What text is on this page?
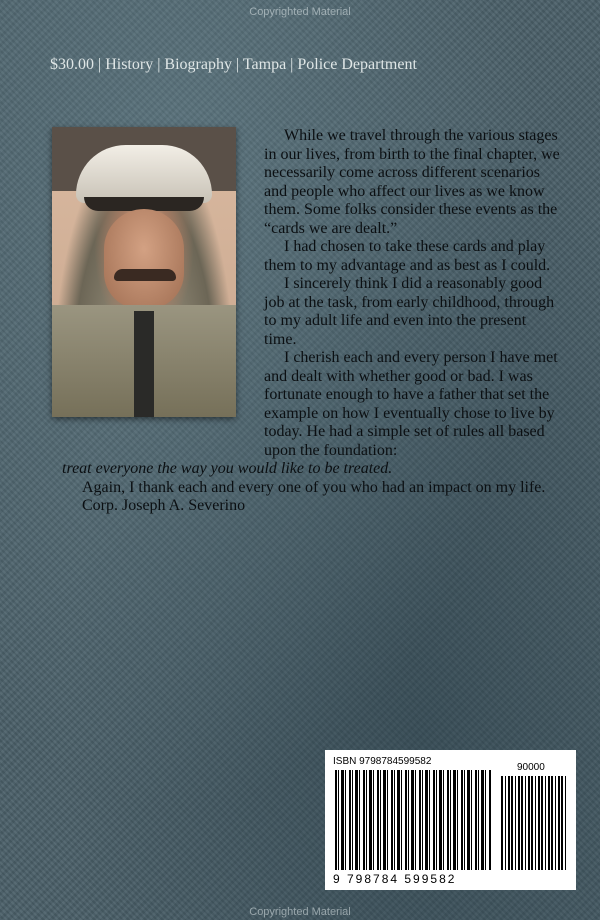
Copyrighted Material
$30.00 | History | Biography | Tampa | Police Department

While we travel through the various stages in our lives, from birth to the final chapter, we necessarily come across different scenarios and people who affect our lives as we know them. Some folks consider these events as the “cards we are dealt.”

I had chosen to take these cards and play them to my advantage and as best as I could.

I sincerely think I did a reasonably good job at the task, from early childhood, through to my adult life and even into the present time.

I cherish each and every person I have met and dealt with whether good or bad. I was fortunate enough to have a father that set the example on how I eventually chose to live by today. He had a simple set of rules all based upon the foundation:

treat everyone the way you would like to be treated.

Again, I thank each and every one of you who had an impact on my life.

Corp. Joseph A. Severino

ISBN 9798784599582
90000
9 798784 599582
Copyrighted Material
